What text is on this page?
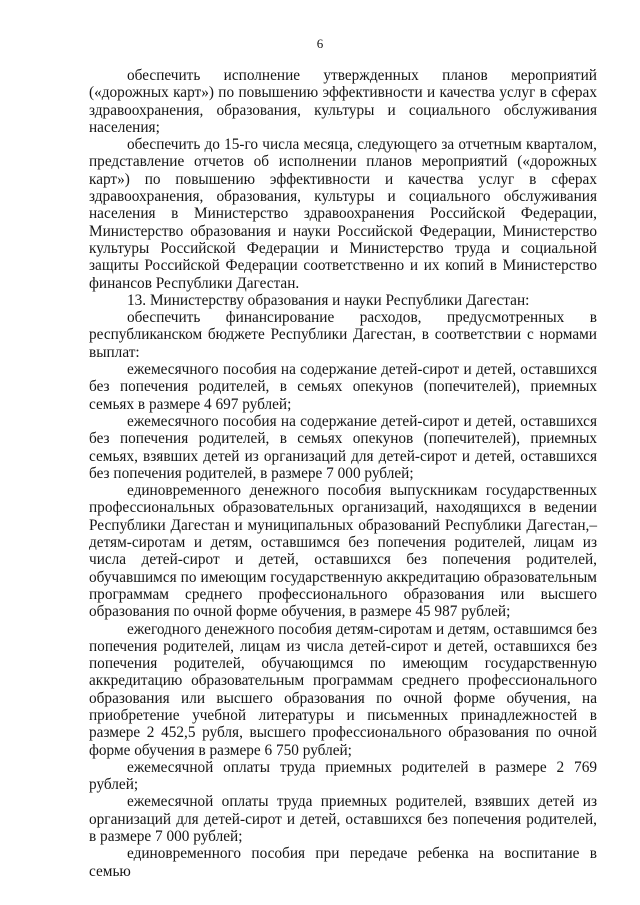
6

обеспечить исполнение утвержденных планов мероприятий («дорожных карт») по повышению эффективности и качества услуг в сферах здравоохранения, образования, культуры и социального обслуживания населения;

обеспечить до 15-го числа месяца, следующего за отчетным кварталом, представление отчетов об исполнении планов мероприятий («дорожных карт») по повышению эффективности и качества услуг в сферах здравоохранения, образования, культуры и социального обслуживания населения в Министерство здравоохранения Российской Федерации, Министерство образования и науки Российской Федерации, Министерство культуры Российской Федерации и Министерство труда и социальной защиты Российской Федерации соответственно и их копий в Министерство финансов Республики Дагестан.

13. Министерству образования и науки Республики Дагестан:

обеспечить финансирование расходов, предусмотренных в республиканском бюджете Республики Дагестан, в соответствии с нормами выплат:

ежемесячного пособия на содержание детей-сирот и детей, оставшихся без попечения родителей, в семьях опекунов (попечителей), приемных семьях в размере 4 697 рублей;

ежемесячного пособия на содержание детей-сирот и детей, оставшихся без попечения родителей, в семьях опекунов (попечителей), приемных семьях, взявших детей из организаций для детей-сирот и детей, оставшихся без попечения родителей, в размере 7 000 рублей;

единовременного денежного пособия выпускникам государственных профессиональных образовательных организаций, находящихся в ведении Республики Дагестан и муниципальных образований Республики Дагестан,– детям-сиротам и детям, оставшимся без попечения родителей, лицам из числа детей-сирот и детей, оставшихся без попечения родителей, обучавшимся по имеющим государственную аккредитацию образовательным программам среднего профессионального образования или высшего образования по очной форме обучения, в размере 45 987 рублей;

ежегодного денежного пособия детям-сиротам и детям, оставшимся без попечения родителей, лицам из числа детей-сирот и детей, оставшихся без попечения родителей, обучающимся по имеющим государственную аккредитацию образовательным программам среднего профессионального образования или высшего образования по очной форме обучения, на приобретение учебной литературы и письменных принадлежностей в размере 2 452,5 рубля, высшего профессионального образования по очной форме обучения в размере 6 750 рублей;

ежемесячной оплаты труда приемных родителей в размере 2 769 рублей;

ежемесячной оплаты труда приемных родителей, взявших детей из организаций для детей-сирот и детей, оставшихся без попечения родителей, в размере 7 000 рублей;

единовременного пособия при передаче ребенка на воспитание в семью
